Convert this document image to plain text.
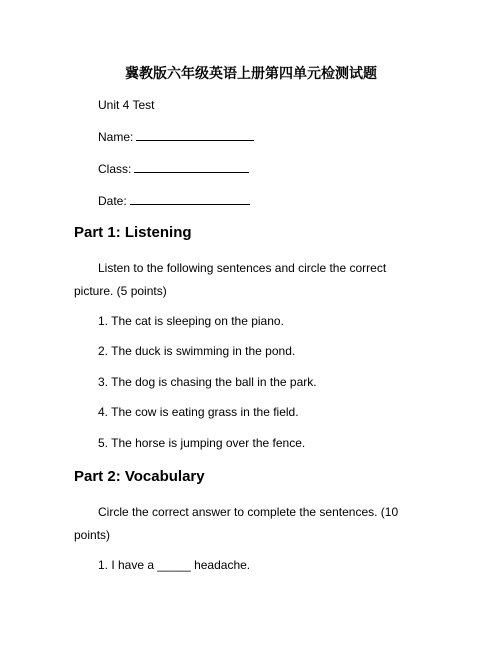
冀教版六年级英语上册第四单元检测试题
Unit 4 Test
Name:
Class:
Date:
Part 1: Listening
Listen to the following sentences and circle the correct picture. (5 points)
1. The cat is sleeping on the piano.
2. The duck is swimming in the pond.
3. The dog is chasing the ball in the park.
4. The cow is eating grass in the field.
5. The horse is jumping over the fence.
Part 2: Vocabulary
Circle the correct answer to complete the sentences. (10 points)
1. I have a _____ headache.
